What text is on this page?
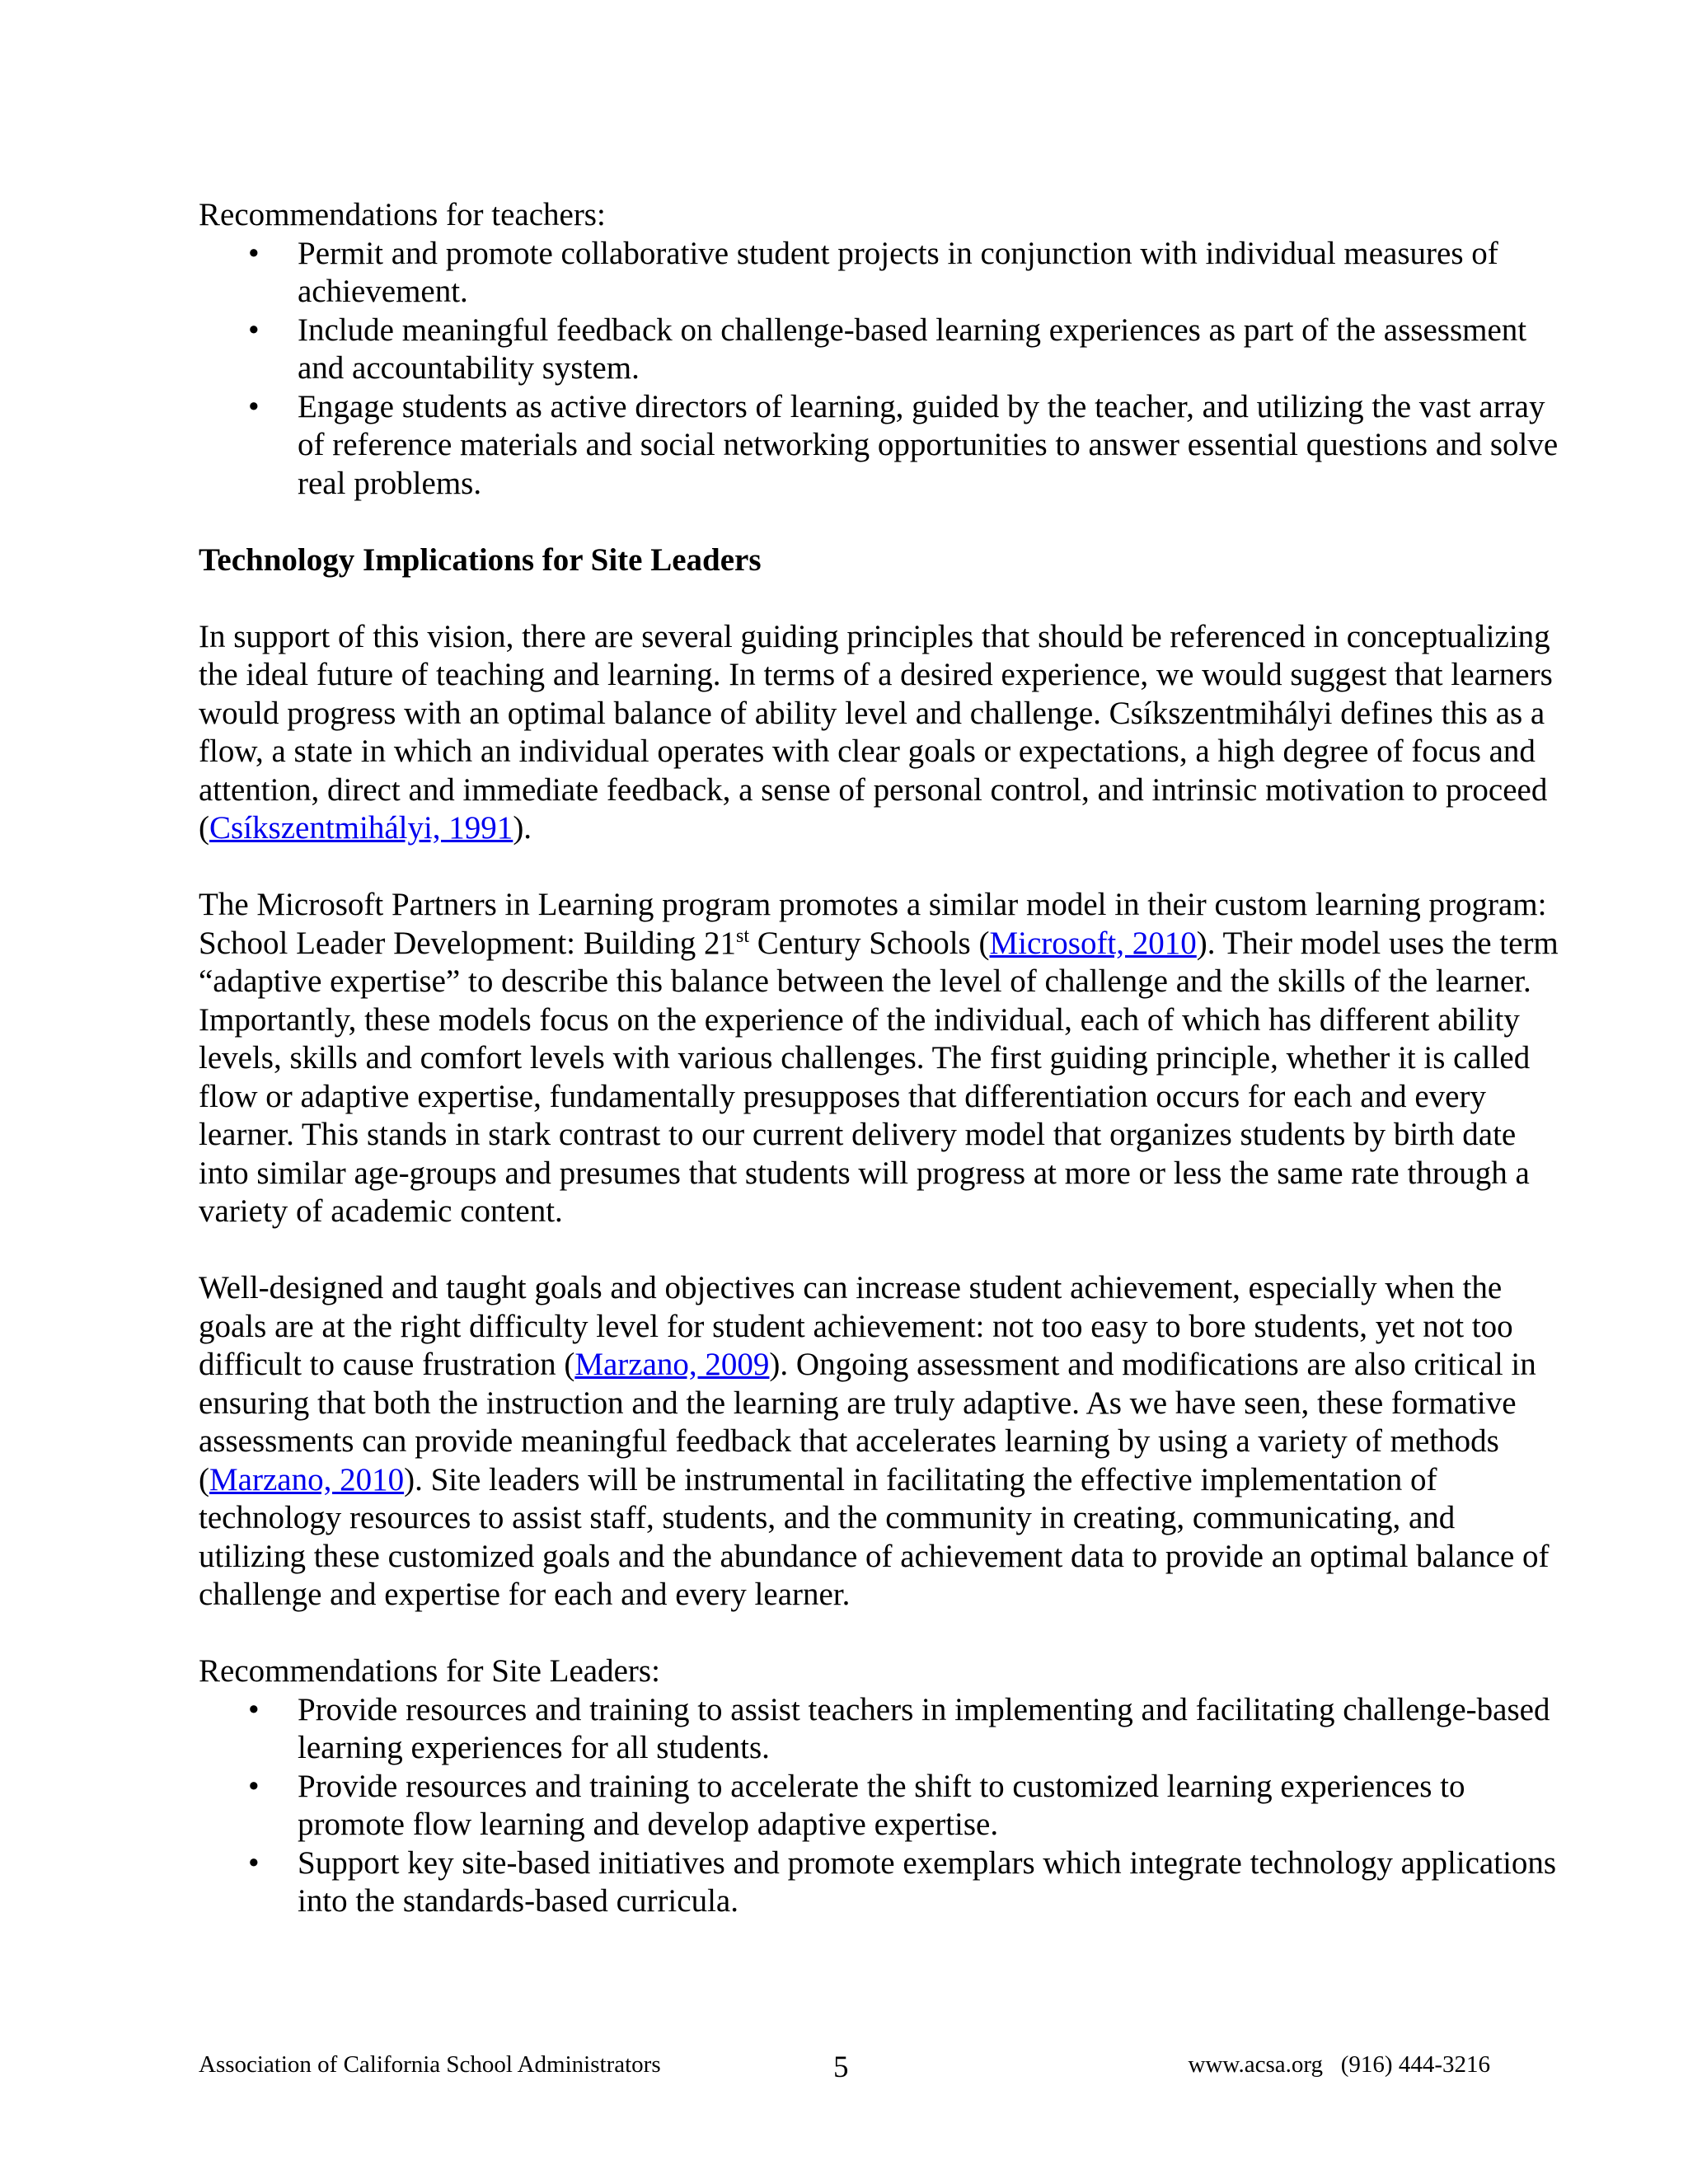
Recommendations for teachers:

• Permit and promote collaborative student projects in conjunction with individual measures of achievement.
• Include meaningful feedback on challenge-based learning experiences as part of the assessment and accountability system.
• Engage students as active directors of learning, guided by the teacher, and utilizing the vast array of reference materials and social networking opportunities to answer essential questions and solve real problems.
Technology Implications for Site Leaders

In support of this vision, there are several guiding principles that should be referenced in conceptualizing the ideal future of teaching and learning. In terms of a desired experience, we would suggest that learners would progress with an optimal balance of ability level and challenge. Csíkszentmihályi defines this as a flow, a state in which an individual operates with clear goals or expectations, a high degree of focus and attention, direct and immediate feedback, a sense of personal control, and intrinsic motivation to proceed (Csíkszentmihályi, 1991).

The Microsoft Partners in Learning program promotes a similar model in their custom learning program: School Leader Development: Building 21st Century Schools (Microsoft, 2010). Their model uses the term “adaptive expertise” to describe this balance between the level of challenge and the skills of the learner. Importantly, these models focus on the experience of the individual, each of which has different ability levels, skills and comfort levels with various challenges. The first guiding principle, whether it is called flow or adaptive expertise, fundamentally presupposes that differentiation occurs for each and every learner. This stands in stark contrast to our current delivery model that organizes students by birth date into similar age-groups and presumes that students will progress at more or less the same rate through a variety of academic content.

Well-designed and taught goals and objectives can increase student achievement, especially when the goals are at the right difficulty level for student achievement: not too easy to bore students, yet not too difficult to cause frustration (Marzano, 2009). Ongoing assessment and modifications are also critical in ensuring that both the instruction and the learning are truly adaptive. As we have seen, these formative assessments can provide meaningful feedback that accelerates learning by using a variety of methods (Marzano, 2010). Site leaders will be instrumental in facilitating the effective implementation of technology resources to assist staff, students, and the community in creating, communicating, and utilizing these customized goals and the abundance of achievement data to provide an optimal balance of challenge and expertise for each and every learner.

Recommendations for Site Leaders:

• Provide resources and training to assist teachers in implementing and facilitating challenge-based learning experiences for all students.
• Provide resources and training to accelerate the shift to customized learning experiences to promote flow learning and develop adaptive expertise.
• Support key site-based initiatives and promote exemplars which integrate technology applications into the standards-based curricula.
Association of California School Administrators	5	www.acsa.org   (916) 444-3216
